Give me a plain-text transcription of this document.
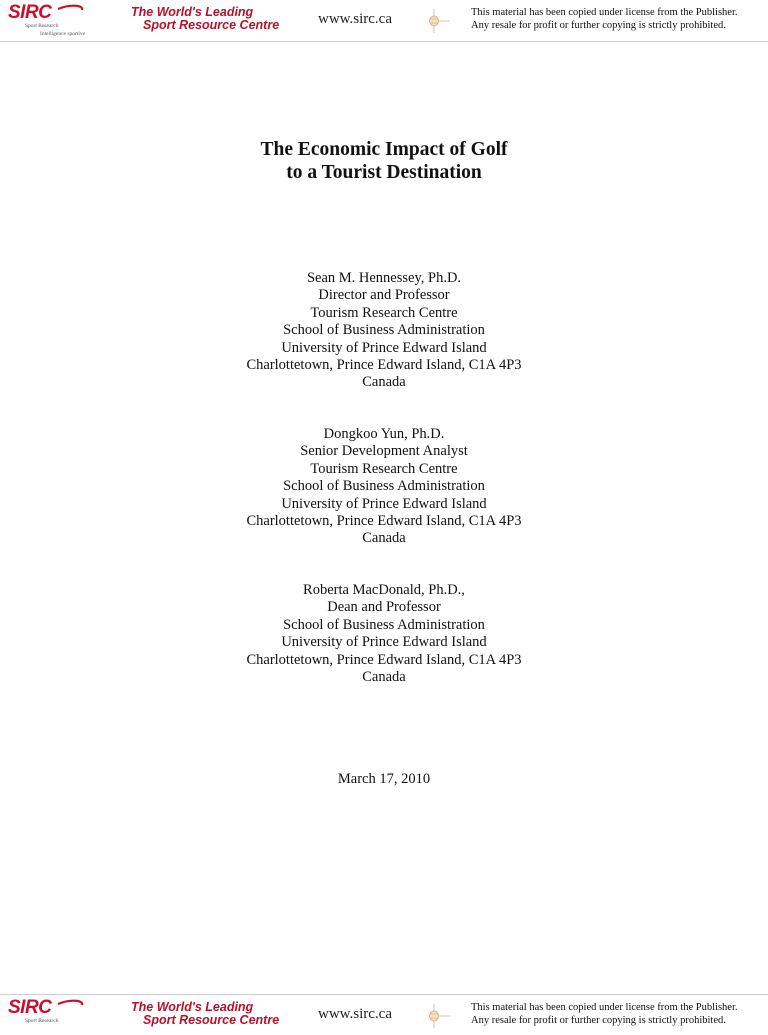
SIRC
Sport Research
Intelligence sportive
The World's Leading
Sport Resource Centre	www.sirc.ca	This material has been copied under license from the Publisher.
Any resale for profit or further copying is strictly prohibited.
The Economic Impact of Golf
to a Tourist Destination
Sean M. Hennessey, Ph.D.
Director and Professor
Tourism Research Centre
School of Business Administration
University of Prince Edward Island
Charlottetown, Prince Edward Island, C1A 4P3
Canada
Dongkoo Yun, Ph.D.
Senior Development Analyst
Tourism Research Centre
School of Business Administration
University of Prince Edward Island
Charlottetown, Prince Edward Island, C1A 4P3
Canada
Roberta MacDonald, Ph.D.,
Dean and Professor
School of Business Administration
University of Prince Edward Island
Charlottetown, Prince Edward Island, C1A 4P3
Canada
March 17, 2010
SIRC
Sport Research
The World's Leading
Sport Resource Centre	www.sirc.ca	This material has been copied under license from the Publisher.
Any resale for profit or further copying is strictly prohibited.
